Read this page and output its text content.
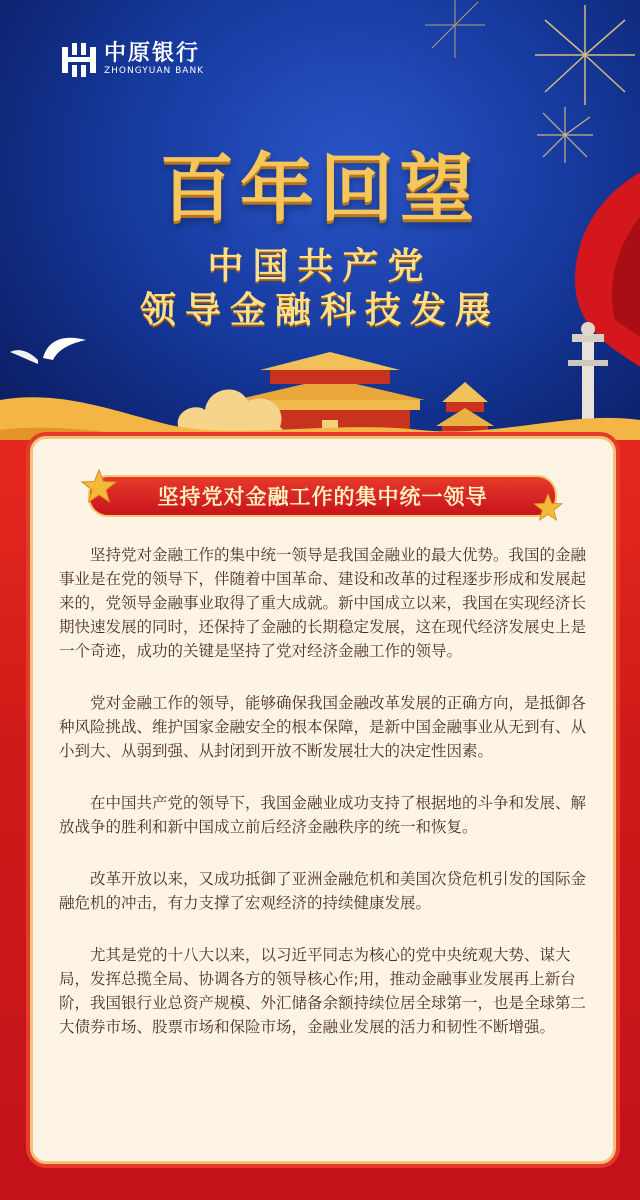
中原银行
ZHONGYUAN BANK
百年回望
中国共产党
领导金融科技发展
坚持党对金融工作的集中统一领导

坚持党对金融工作的集中统一领导是我国金融业的最大优势。我国的金融事业是在党的领导下，伴随着中国革命、建设和改革的过程逐步形成和发展起来的，党领导金融事业取得了重大成就。新中国成立以来，我国在实现经济长期快速发展的同时，还保持了金融的长期稳定发展，这在现代经济发展史上是一个奇迹，成功的关键是坚持了党对经济金融工作的领导。

党对金融工作的领导，能够确保我国金融改革发展的正确方向，是抵御各种风险挑战、维护国家金融安全的根本保障，是新中国金融事业从无到有、从小到大、从弱到强、从封闭到开放不断发展壮大的决定性因素。

在中国共产党的领导下，我国金融业成功支持了根据地的斗争和发展、解放战争的胜利和新中国成立前后经济金融秩序的统一和恢复。

改革开放以来，又成功抵御了亚洲金融危机和美国次贷危机引发的国际金融危机的冲击，有力支撑了宏观经济的持续健康发展。

尤其是党的十八大以来，以习近平同志为核心的党中央统观大势、谋大局，发挥总揽全局、协调各方的领导核心作;用，推动金融事业发展再上新台阶，我国银行业总资产规模、外汇储备余额持续位居全球第一，也是全球第二大债券市场、股票市场和保险市场，金融业发展的活力和韧性不断增强。
